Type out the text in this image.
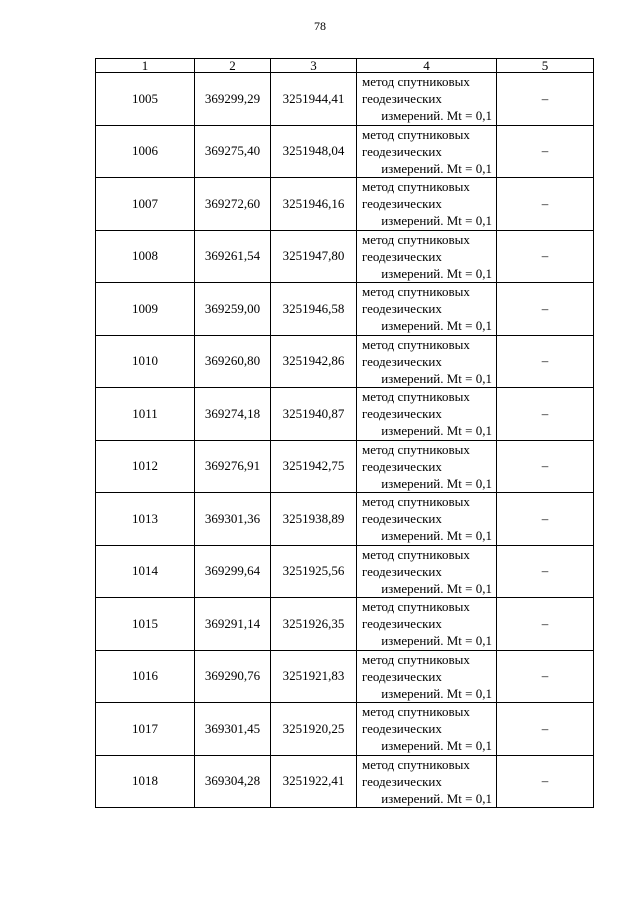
78
1	2	3	4	5
1005	369299,29	3251944,41	метод спутниковых
геодезических
измерений. Mt = 0,1	–
1006	369275,40	3251948,04	метод спутниковых
геодезических
измерений. Mt = 0,1	–
1007	369272,60	3251946,16	метод спутниковых
геодезических
измерений. Mt = 0,1	–
1008	369261,54	3251947,80	метод спутниковых
геодезических
измерений. Mt = 0,1	–
1009	369259,00	3251946,58	метод спутниковых
геодезических
измерений. Mt = 0,1	–
1010	369260,80	3251942,86	метод спутниковых
геодезических
измерений. Mt = 0,1	–
1011	369274,18	3251940,87	метод спутниковых
геодезических
измерений. Mt = 0,1	–
1012	369276,91	3251942,75	метод спутниковых
геодезических
измерений. Mt = 0,1	–
1013	369301,36	3251938,89	метод спутниковых
геодезических
измерений. Mt = 0,1	–
1014	369299,64	3251925,56	метод спутниковых
геодезических
измерений. Mt = 0,1	–
1015	369291,14	3251926,35	метод спутниковых
геодезических
измерений. Mt = 0,1	–
1016	369290,76	3251921,83	метод спутниковых
геодезических
измерений. Mt = 0,1	–
1017	369301,45	3251920,25	метод спутниковых
геодезических
измерений. Mt = 0,1	–
1018	369304,28	3251922,41	метод спутниковых
геодезических
измерений. Mt = 0,1	–
